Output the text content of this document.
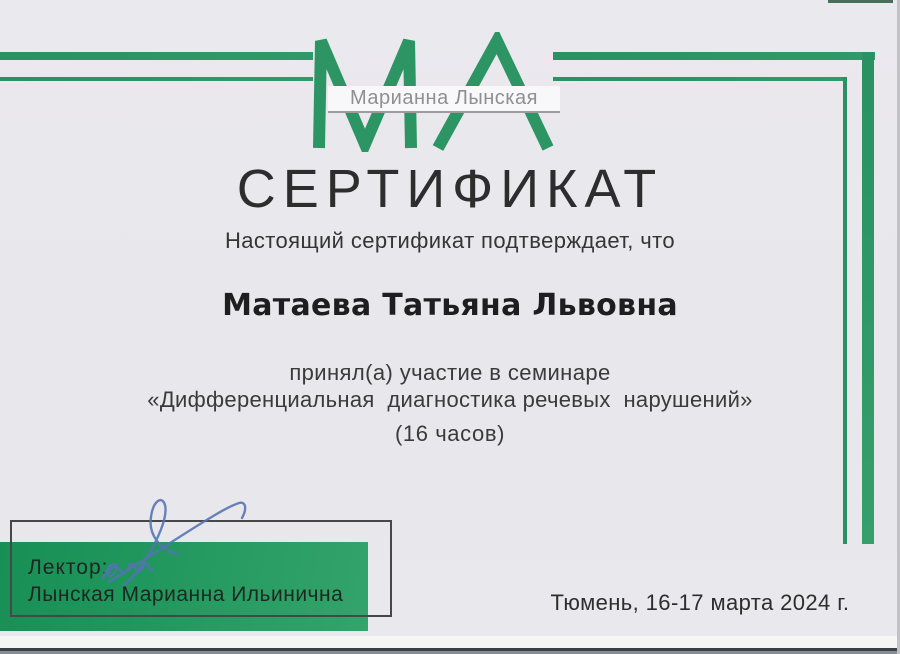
Марианна Лынская
СЕРТИФИКАТ
Настоящий сертификат подтверждает, что
Матаева Татьяна Львовна
принял(а) участие в семинаре
«Дифференциальная  диагностика речевых  нарушений»
(16 часов)
Лектор:
Лынская Марианна Ильинична	Тюмень, 16-17 марта 2024 г.
